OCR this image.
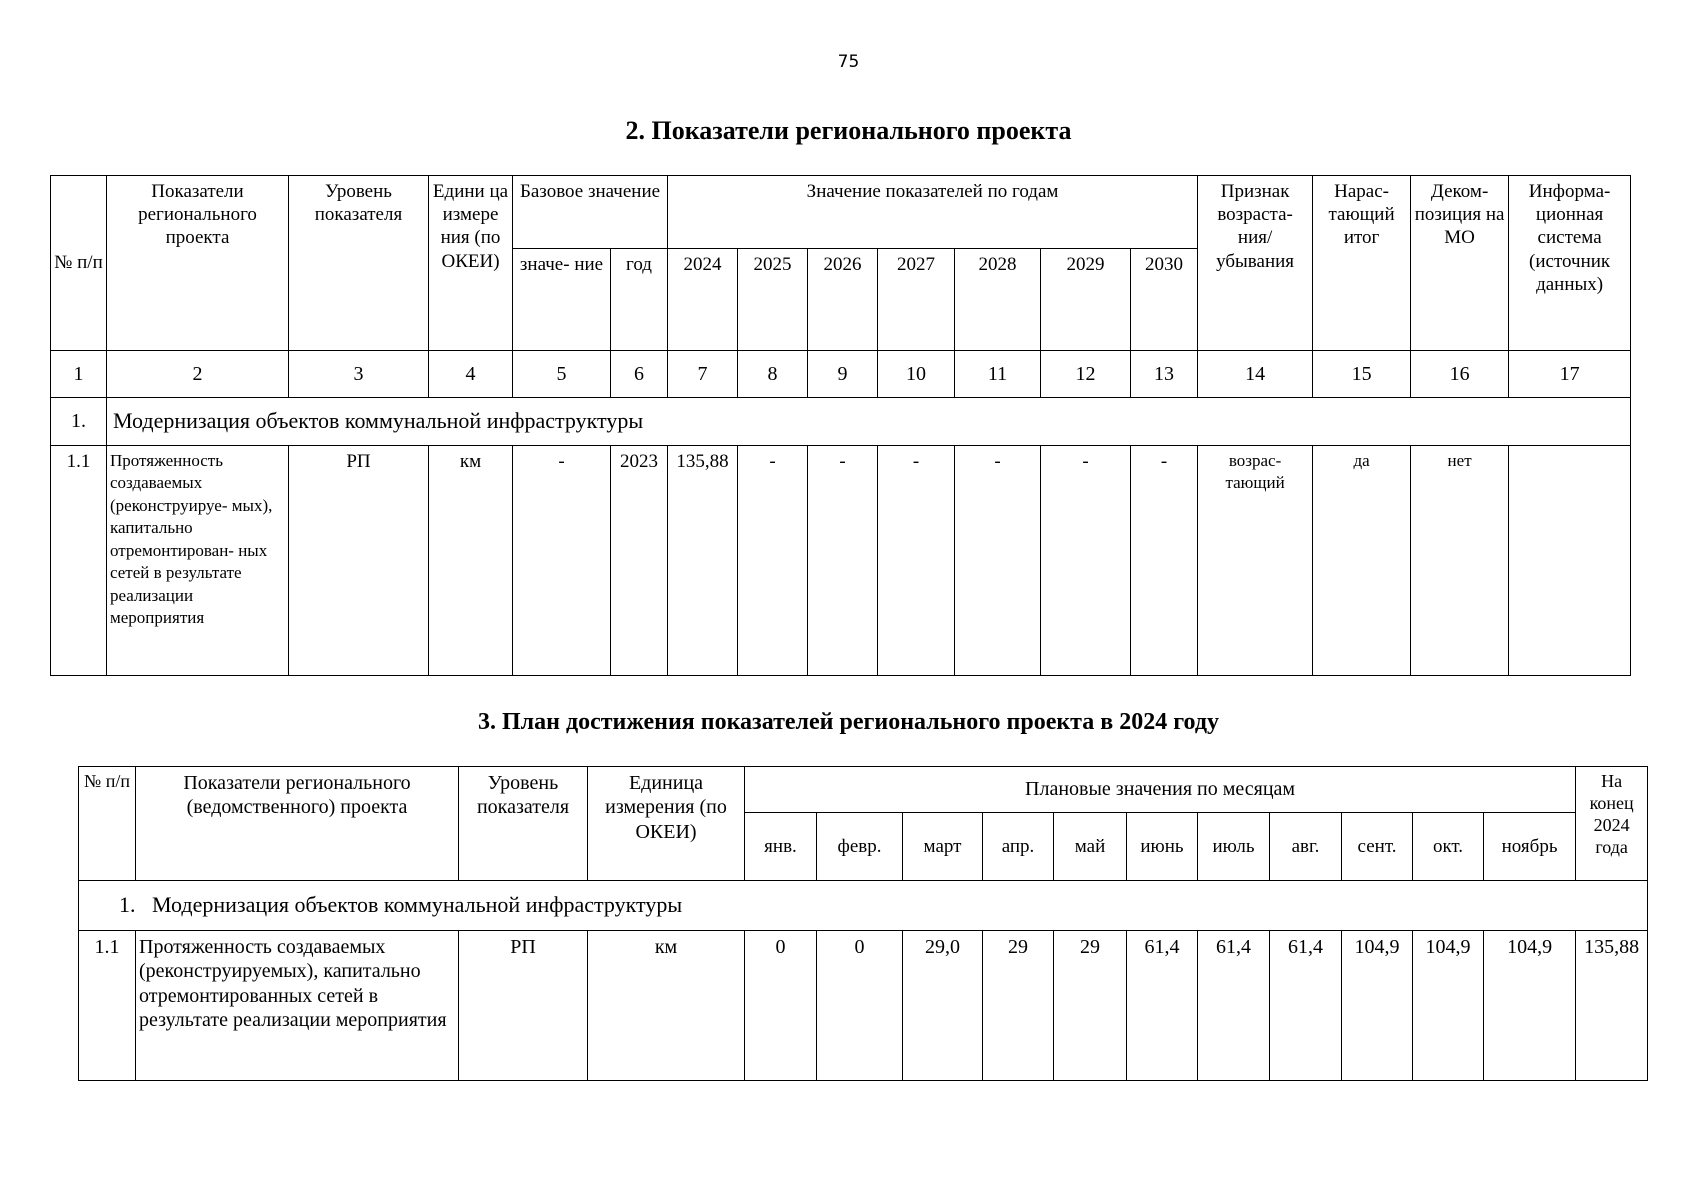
75
2. Показатели регионального проекта
№ п/п	Показатели регионального проекта	Уровень показателя	Едини ца измере ния (по ОКЕИ)	Базовое значение		Значение показателей по годам							Признак возраста- ния/ убывания	Нарас- тающий итог	Деком- позиция на МО	Информа- ционная система (источник данных)
				значе- ние	год	2024	2025	2026	2027	2028	2029	2030				
1	2	3	4	5	6	7	8	9	10	11	12	13	14	15	16	17
1.	Модернизация объектов коммунальной инфраструктуры															
1.1	Протяженность создаваемых (реконструируе- мых), капитально отремонтирован- ных сетей в результате реализации мероприятия	РП	км	-	2023	135,88	-	-	-	-	-	-	возрас- тающий	да	нет	
3. План достижения показателей регионального проекта в 2024 году
№ п/п	Показатели регионального (ведомственного) проекта	Уровень показателя	Единица измерения (по ОКЕИ)	Плановые значения по месяцам											На конец 2024 года
				янв.	февр.	март	апр.	май	июнь	июль	авг.	сент.	окт.	ноябрь	
1. Модернизация объектов коммунальной инфраструктуры															
1.1	Протяженность создаваемых (реконструируемых), капитально отремонтированных сетей в результате реализации мероприятия	РП	км	0	0	29,0	29	29	61,4	61,4	61,4	104,9	104,9	104,9	135,88
